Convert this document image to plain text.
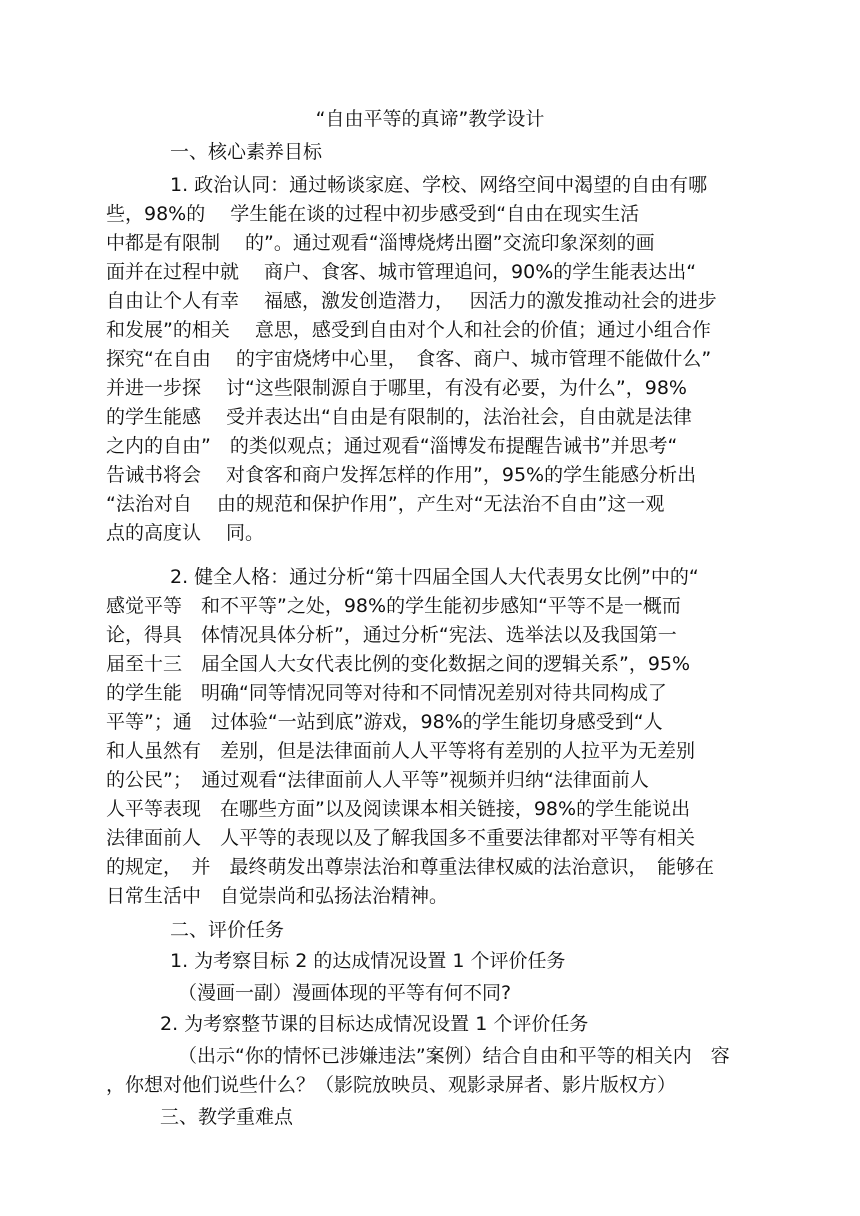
“自由平等的真谛”教学设计
一、核心素养目标
1. 政治认同：通过畅谈家庭、学校、网络空间中渴望的自由有哪
些，98%的　 学生能在谈的过程中初步感受到“自由在现实生活
中都是有限制　 的”。通过观看“淄博烧烤出圈”交流印象深刻的画
面并在过程中就　 商户、食客、城市管理追问，90%的学生能表达出“
自由让个人有幸　 福感，激发创造潜力，　 因活力的激发推动社会的进步
和发展”的相关　 意思，感受到自由对个人和社会的价值；通过小组合作
探究“在自由　 的宇宙烧烤中心里，　食客、商户、城市管理不能做什么”
并进一步探　 讨“这些限制源自于哪里，有没有必要，为什么”，98%
的学生能感　 受并表达出“自由是有限制的，法治社会，自由就是法律
之内的自由”　的类似观点；通过观看“淄博发布提醒告诫书”并思考“
告诫书将会　 对食客和商户发挥怎样的作用”，95%的学生能感分析出
“法治对自　 由的规范和保护作用”，产生对“无法治不自由”这一观
点的高度认　 同。
2. 健全人格：通过分析“第十四届全国人大代表男女比例”中的“
感觉平等　和不平等”之处，98%的学生能初步感知“平等不是一概而
论，得具　体情况具体分析”，通过分析“宪法、选举法以及我国第一
届至十三　届全国人大女代表比例的变化数据之间的逻辑关系”，95%
的学生能　明确“同等情况同等对待和不同情况差别对待共同构成了
平等”；通　过体验“一站到底”游戏，98%的学生能切身感受到“人
和人虽然有　差别，但是法律面前人人平等将有差别的人拉平为无差别
的公民”；　通过观看“法律面前人人平等”视频并归纳“法律面前人
人平等表现　在哪些方面”以及阅读课本相关链接，98%的学生能说出
法律面前人　人平等的表现以及了解我国多不重要法律都对平等有相关
的规定，　并　最终萌发出尊崇法治和尊重法律权威的法治意识，　能够在
日常生活中　自觉崇尚和弘扬法治精神。
二、评价任务
1. 为考察目标 2 的达成情况设置 1 个评价任务
（漫画一副）漫画体现的平等有何不同?
2. 为考察整节课的目标达成情况设置 1 个评价任务
（出示“你的情怀已涉嫌违法”案例）结合自由和平等的相关内　容
，你想对他们说些什么？（影院放映员、观影录屏者、影片版权方）
三、教学重难点
